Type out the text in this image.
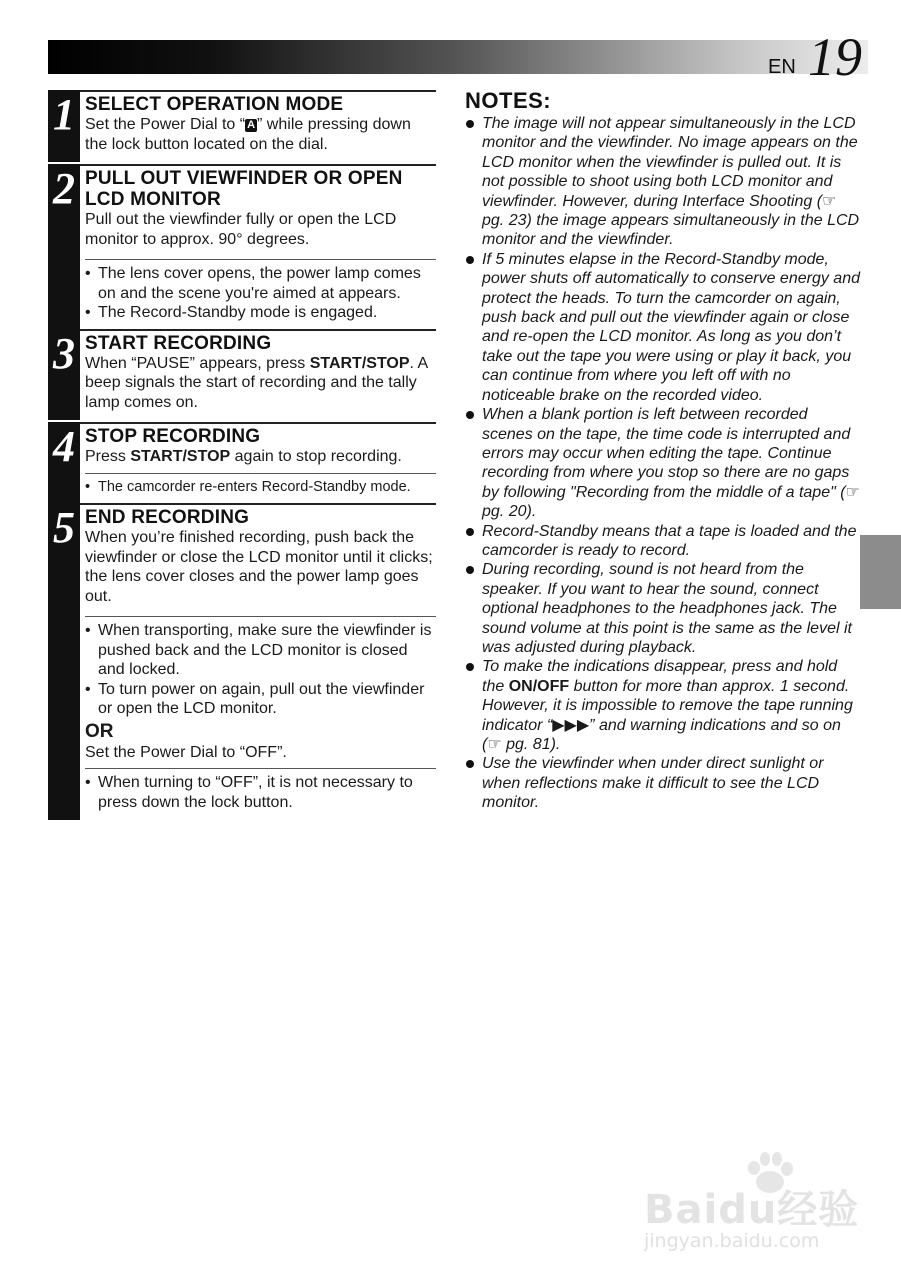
EN 19
1 SELECT OPERATION MODE
Set the Power Dial to “ A ” while pressing down the lock button located on the dial.
2 PULL OUT VIEWFINDER OR OPEN LCD MONITOR
Pull out the viewfinder fully or open the LCD monitor to approx. 90° degrees.
• The lens cover opens, the power lamp comes on and the scene you're aimed at appears.
• The Record-Standby mode is engaged.
3 START RECORDING
When “PAUSE” appears, press START/STOP. A beep signals the start of recording and the tally lamp comes on.
4 STOP RECORDING
Press START/STOP again to stop recording.
• The camcorder re-enters Record-Standby mode.
5 END RECORDING
When you’re finished recording, push back the viewfinder or close the LCD monitor until it clicks; the lens cover closes and the power lamp goes out.
• When transporting, make sure the viewfinder is pushed back and the LCD monitor is closed and locked.
• To turn power on again, pull out the viewfinder or open the LCD monitor.
OR
Set the Power Dial to “OFF”.
• When turning to “OFF”, it is not necessary to press down the lock button.
NOTES:
The image will not appear simultaneously in the LCD monitor and the viewfinder. No image appears on the LCD monitor when the viewfinder is pulled out. It is not possible to shoot using both LCD monitor and viewfinder. However, during Interface Shooting (☞ pg. 23) the image appears simultaneously in the LCD monitor and the viewfinder.
If 5 minutes elapse in the Record-Standby mode, power shuts off automatically to conserve energy and protect the heads. To turn the camcorder on again, push back and pull out the viewfinder again or close and re-open the LCD monitor. As long as you don’t take out the tape you were using or play it back, you can continue from where you left off with no noticeable brake on the recorded video.
When a blank portion is left between recorded scenes on the tape, the time code is interrupted and errors may occur when editing the tape. Continue recording from where you stop so there are no gaps by following "Recording from the middle of a tape" (☞ pg. 20).
Record-Standby means that a tape is loaded and the camcorder is ready to record.
During recording, sound is not heard from the speaker. If you want to hear the sound, connect optional headphones to the headphones jack. The sound volume at this point is the same as the level it was adjusted during playback.
To make the indications disappear, press and hold the ON/OFF button for more than approx. 1 second. However, it is impossible to remove the tape running indicator “▶▶▶” and warning indications and so on (☞ pg. 81).
Use the viewfinder when under direct sunlight or when reflections make it difficult to see the LCD monitor.
Baidu经验
jingyan.baidu.com
